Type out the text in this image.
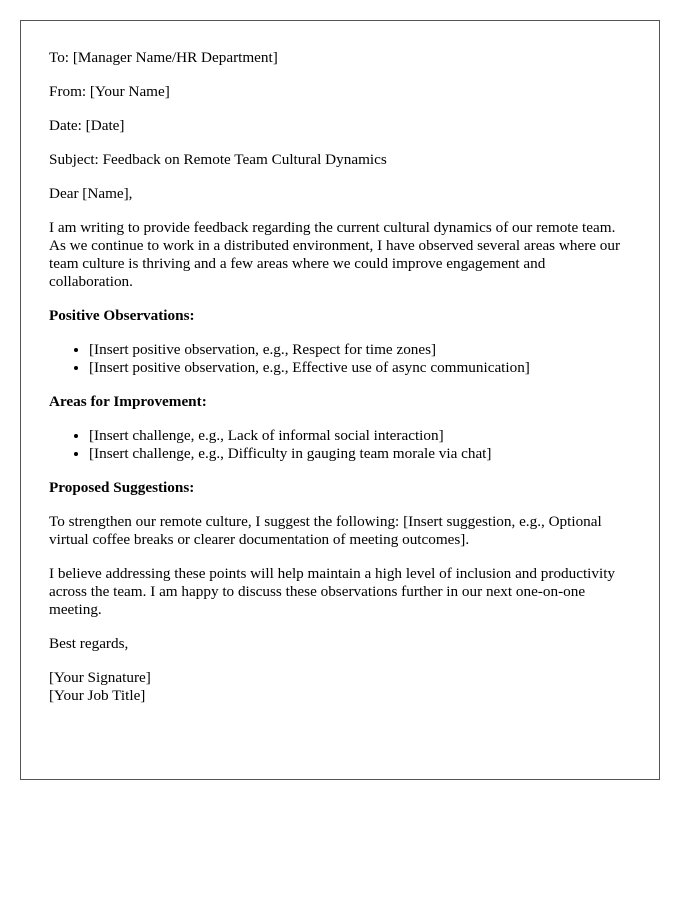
To: [Manager Name/HR Department]

From: [Your Name]

Date: [Date]

Subject: Feedback on Remote Team Cultural Dynamics

Dear [Name],

I am writing to provide feedback regarding the current cultural dynamics of our remote team. As we continue to work in a distributed environment, I have observed several areas where our team culture is thriving and a few areas where we could improve engagement and collaboration.

Positive Observations:

• [Insert positive observation, e.g., Respect for time zones]
• [Insert positive observation, e.g., Effective use of async communication]

Areas for Improvement:

• [Insert challenge, e.g., Lack of informal social interaction]
• [Insert challenge, e.g., Difficulty in gauging team morale via chat]

Proposed Suggestions:

To strengthen our remote culture, I suggest the following: [Insert suggestion, e.g., Optional virtual coffee breaks or clearer documentation of meeting outcomes].

I believe addressing these points will help maintain a high level of inclusion and productivity across the team. I am happy to discuss these observations further in our next one-on-one meeting.

Best regards,

[Your Signature]

[Your Job Title]
